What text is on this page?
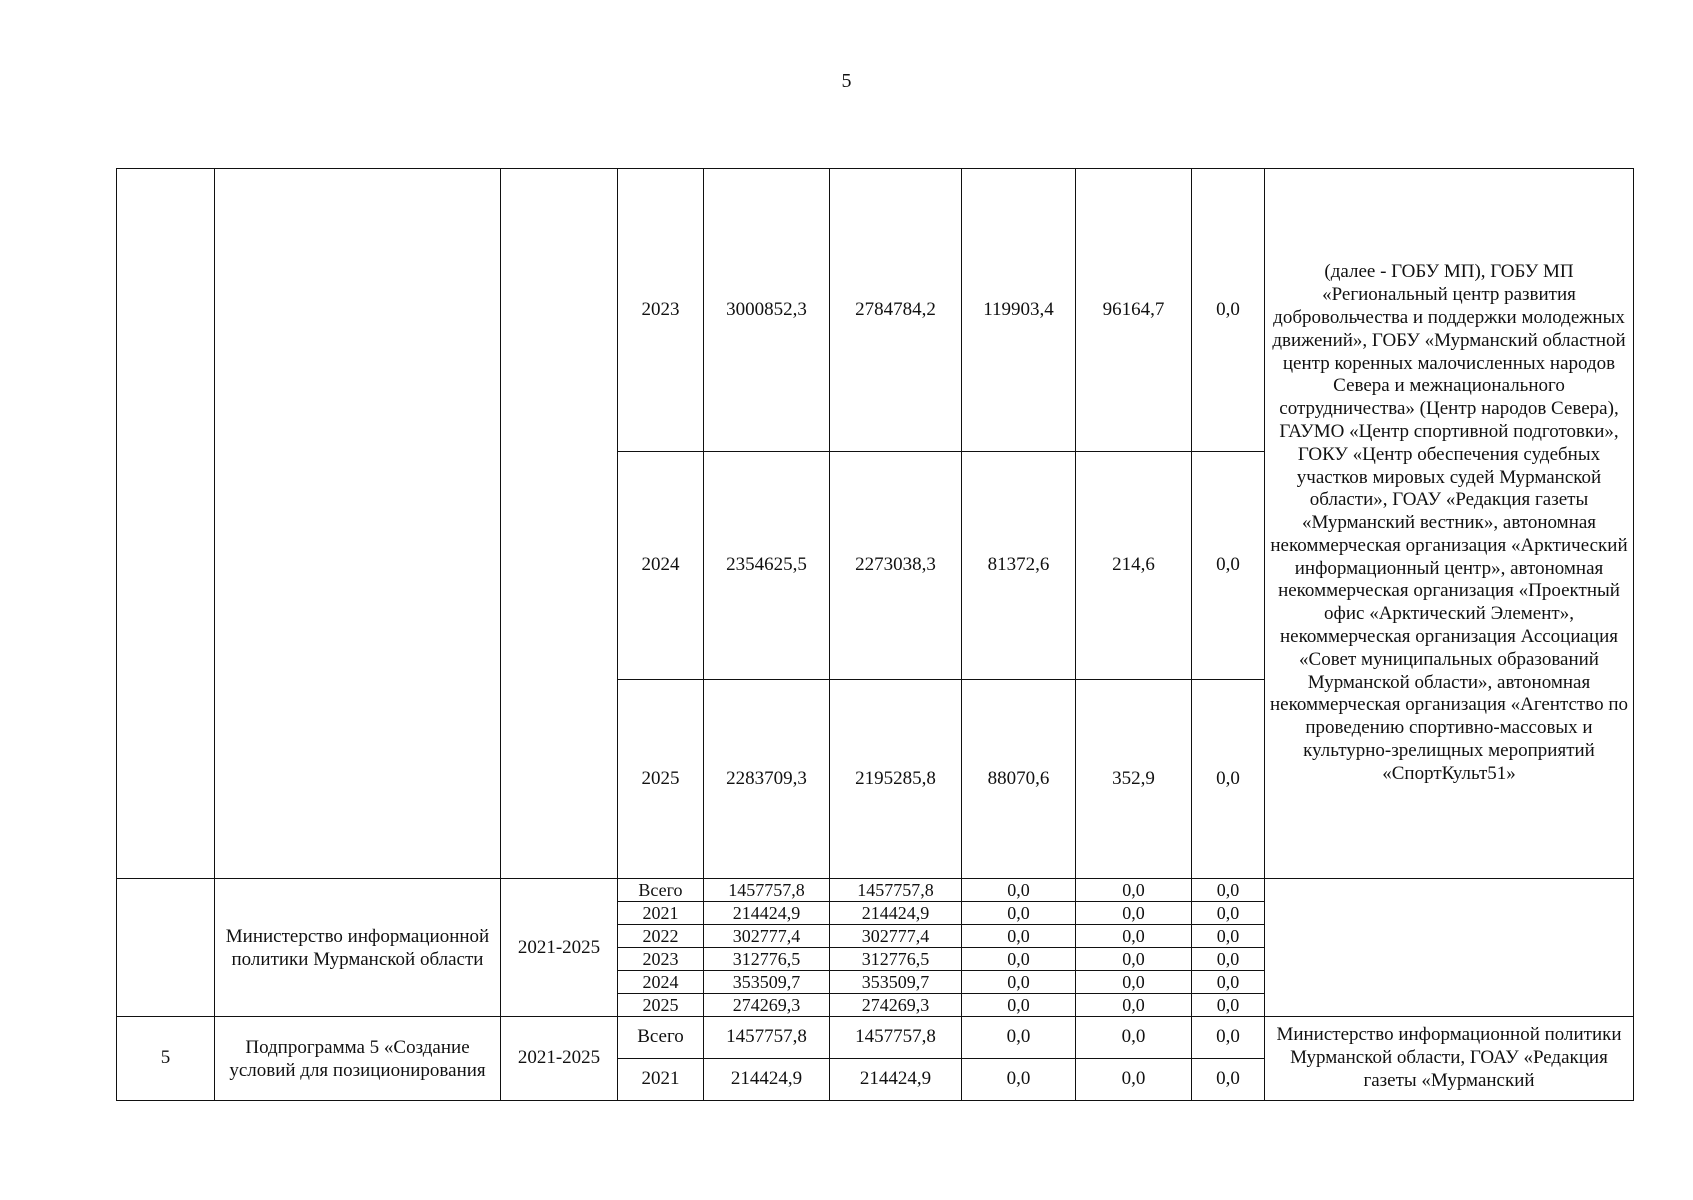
5
			2023	3000852,3	2784784,2	119903,4	96164,7	0,0	(далее - ГОБУ МП), ГОБУ МП «Региональный центр развития добровольчества и поддержки молодежных движений», ГОБУ «Мурманский областной центр коренных малочисленных народов Севера и межнационального сотрудничества» (Центр народов Севера), ГАУМО «Центр спортивной подготовки», ГОКУ «Центр обеспечения судебных участков мировых судей Мурманской области», ГОАУ «Редакция газеты «Мурманский вестник», автономная некоммерческая организация «Арктический информационный центр», автономная некоммерческая организация «Проектный офис «Арктический Элемент», некоммерческая организация Ассоциация «Совет муниципальных образований Мурманской области», автономная некоммерческая организация «Агентство по проведению спортивно-массовых и культурно-зрелищных мероприятий «СпортКульт51»

			2024	2354625,5	2273038,3	81372,6	214,6	0,0	
			2025	2283709,3	2195285,8	88070,6	352,9	0,0	
	Министерство информационной политики Мурманской области	2021-2025	Всего	1457757,8	1457757,8	0,0	0,0	0,0	
			2021	214424,9	214424,9	0,0	0,0	0,0	
			2022	302777,4	302777,4	0,0	0,0	0,0	
			2023	312776,5	312776,5	0,0	0,0	0,0	
			2024	353509,7	353509,7	0,0	0,0	0,0	
			2025	274269,3	274269,3	0,0	0,0	0,0	
5	Подпрограмма 5 «Создание условий для позиционирования	2021-2025	Всего	1457757,8	1457757,8	0,0	0,0	0,0	Министерство информационной политики Мурманской области, ГОАУ «Редакция газеты «Мурманский

			2021	214424,9	214424,9	0,0	0,0	0,0	
